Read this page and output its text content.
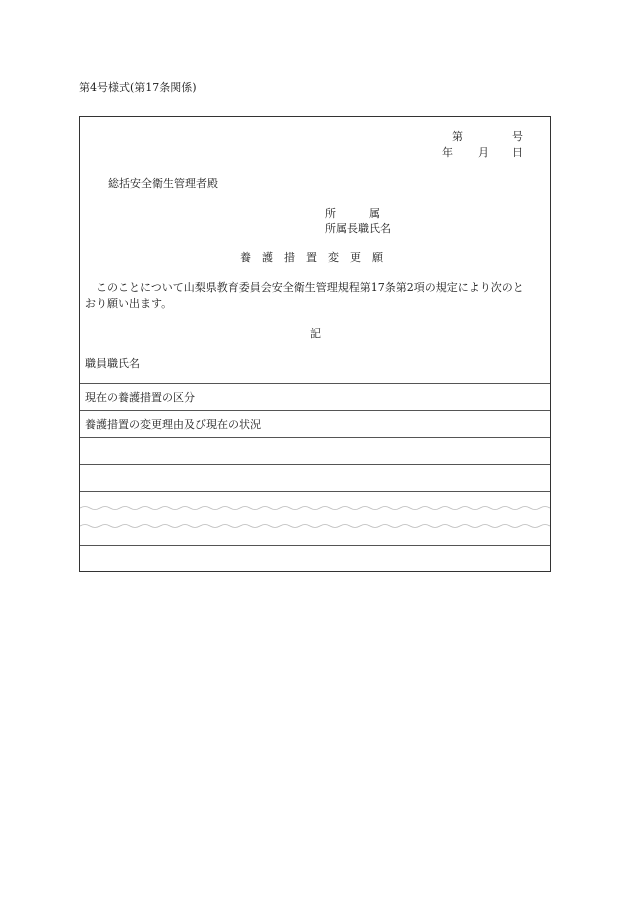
第4号様式(第17条関係)
第	号
年 月 日
総括安全衛生管理者殿
所　　　属
所属長職氏名
養　護　措　置　変　更　願
　このことについて山梨県教育委員会安全衛生管理規程第17条第2項の規定により次のと
おり願い出ます。
記
職員職氏名
現在の養護措置の区分
養護措置の変更理由及び現在の状況
